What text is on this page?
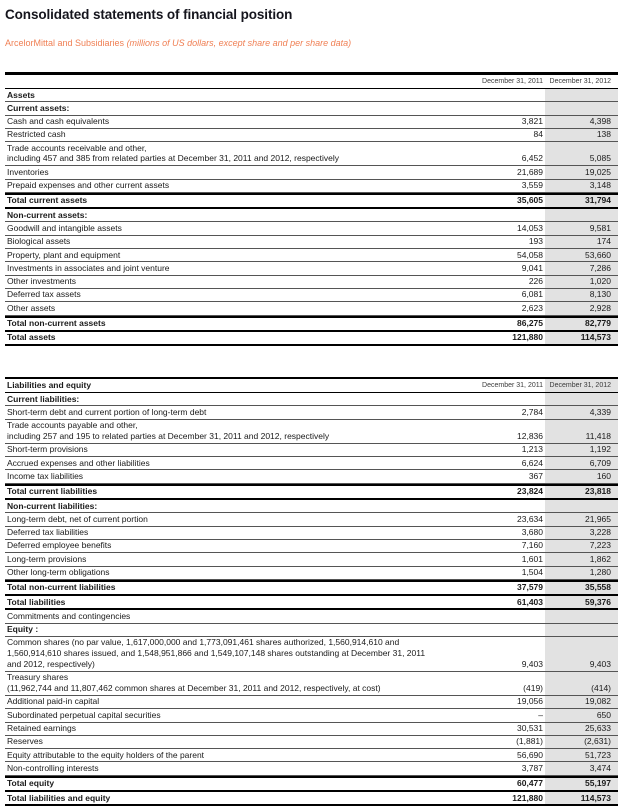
Consolidated statements of financial position
ArcelorMittal and Subsidiaries (millions of US dollars, except share and per share data)
December 31, 2011 December 31, 2012
Assets
Current assets:
Cash and cash equivalents	3,821	4,398
Restricted cash	84	138
Trade accounts receivable and other,
including 457 and 385 from related parties at December 31, 2011 and 2012, respectively	6,452	5,085
Inventories	21,689	19,025
Prepaid expenses and other current assets	3,559	3,148
Total current assets	35,605	31,794
Non-current assets:
Goodwill and intangible assets	14,053	9,581
Biological assets	193	174
Property, plant and equipment	54,058	53,660
Investments in associates and joint venture	9,041	7,286
Other investments	226	1,020
Deferred tax assets	6,081	8,130
Other assets	2,623	2,928
Total non-current assets	86,275	82,779
Total assets	121,880	114,573
Liabilities and equity	December 31, 2011 December 31, 2012
Current liabilities:
Short-term debt and current portion of long-term debt	2,784	4,339
Trade accounts payable and other,
including 257 and 195 to related parties at December 31, 2011 and 2012, respectively	12,836	11,418
Short-term provisions	1,213	1,192
Accrued expenses and other liabilities	6,624	6,709
Income tax liabilities	367	160
Total current liabilities	23,824	23,818
Non-current liabilities:
Long-term debt, net of current portion	23,634	21,965
Deferred tax liabilities	3,680	3,228
Deferred employee benefits	7,160	7,223
Long-term provisions	1,601	1,862
Other long-term obligations	1,504	1,280
Total non-current liabilities	37,579	35,558
Total liabilities	61,403	59,376
Commitments and contingencies
Equity :
Common shares (no par value, 1,617,000,000 and 1,773,091,461 shares authorized, 1,560,914,610 and
1,560,914,610 shares issued, and 1,548,951,866 and 1,549,107,148 shares outstanding at December 31, 2011
and 2012, respectively)	9,403	9,403
Treasury shares
(11,962,744 and 11,807,462 common shares at December 31, 2011 and 2012, respectively, at cost)	(419)	(414)
Additional paid-in capital	19,056	19,082
Subordinated perpetual capital securities	–	650
Retained earnings	30,531	25,633
Reserves	(1,881)	(2,631)
Equity attributable to the equity holders of the parent	56,690	51,723
Non-controlling interests	3,787	3,474
Total equity	60,477	55,197
Total liabilities and equity	121,880	114,573
